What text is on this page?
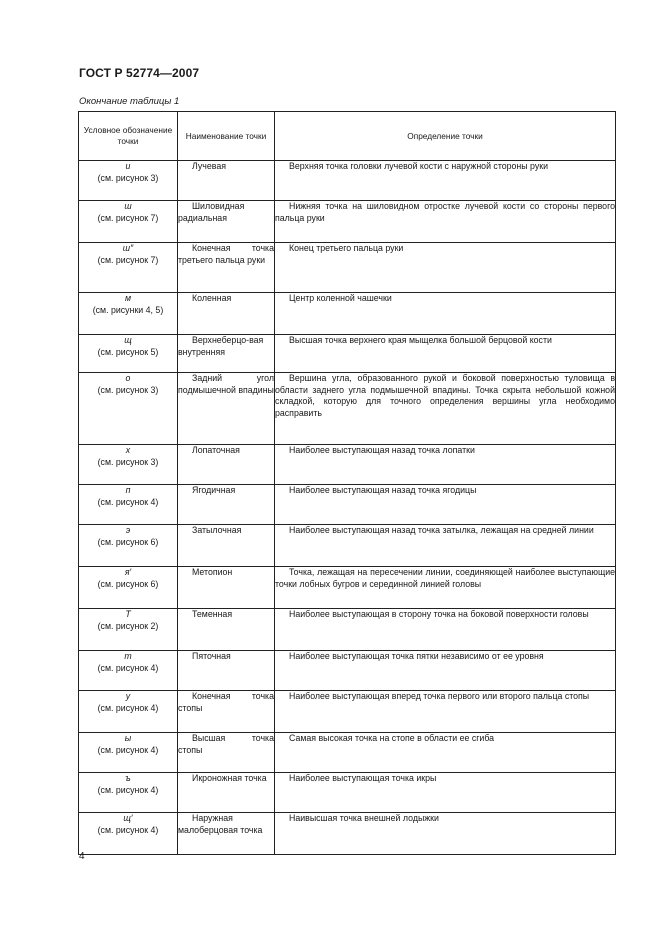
ГОСТ Р 52774—2007
Окончание таблицы 1
Условное обозначение точки	Наименование точки	Определение точки

и
(см. рисунок 3)	Лучевая	Верхняя точка головки лучевой кости с наружной стороны руки

ш
(см. рисунок 7)	Шиловидная радиальная	Нижняя точка на шиловидном отростке лучевой кости со стороны первого пальца руки

ш″
(см. рисунок 7)	Конечная точка третьего пальца руки	Конец третьего пальца руки

м
(см. рисунки 4, 5)	Коленная	Центр коленной чашечки

щ
(см. рисунок 5)	Верхнеберцо-вая внутренняя	Высшая точка верхнего края мыщелка большой берцовой кости

о
(см. рисунок 3)	Задний угол подмышечной впадины	Вершина угла, образованного рукой и боковой поверхностью туловища в области заднего угла подмышечной впадины. Точка скрыта небольшой кожной складкой, которую для точного определения вершины угла необходимо расправить

х
(см. рисунок 3)	Лопаточная	Наиболее выступающая назад точка лопатки

п
(см. рисунок 4)	Ягодичная	Наиболее выступающая назад точка ягодицы

э
(см. рисунок 6)	Затылочная	Наиболее выступающая назад точка затылка, лежащая на средней линии

я′
(см. рисунок 6)	Метопион	Точка, лежащая на пересечении линии, соединяющей наиболее выступающие точки лобных бугров и серединной линией головы

Т
(см. рисунок 2)	Теменная	Наиболее выступающая в сторону точка на боковой поверхности головы

т
(см. рисунок 4)	Пяточная	Наиболее выступающая точка пятки независимо от ее уровня

у
(см. рисунок 4)	Конечная точка стопы	Наиболее выступающая вперед точка первого или второго пальца стопы

ы
(см. рисунок 4)	Высшая точка стопы	Самая высокая точка на стопе в области ее сгиба

ъ
(см. рисунок 4)	Икроножная точка	Наиболее выступающая точка икры

щ′
(см. рисунок 4)	Наружная малоберцовая точка	Наивысшая точка внешней лодыжки
4
